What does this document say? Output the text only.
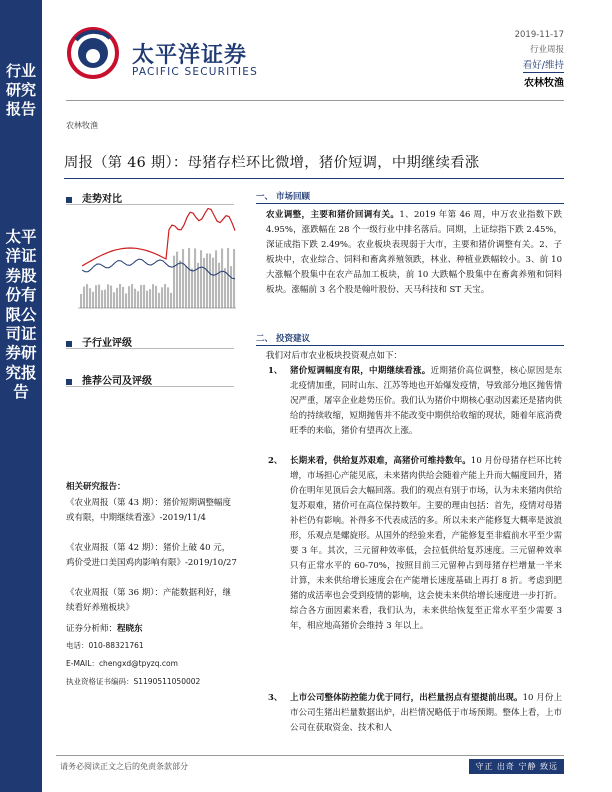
行业研究报告
太平洋证券股份有限公司证券研究报告
太平洋证券
PACIFIC SECURITIES
2019-11-17
行业周报
看好/维持
农林牧渔
农林牧渔
周报（第 46 期）：母猪存栏环比微增，猪价短调，中期继续看涨
走势对比
子行业评级
推荐公司及评级
相关研究报告：
《农业周报（第 43 期）：猪价短期调整幅度或有限，中期继续看涨》-2019/11/4
《农业周报（第 42 期）：猪价上破 40 元，鸡价受进口美国鸡肉影响有限》-2019/10/27
《农业周报（第 36 期）：产能数据利好，继续看好养殖板块》
证券分析师：程晓东
电话：010-88321761
E-MAIL：chengxd@tpyzq.com
执业资格证书编码：S1190511050002
一、 市场回顾
农业调整，主要和猪价回调有关。1、2019 年第 46 周，申万农业指数下跌 4.95%，涨跌幅在 28 个一级行业中排名落后。同期，上证综指下跌 2.45%，深证成指下跌 2.49%。农业板块表现弱于大市，主要和猪价调整有关。2、子板块中，农业综合、饲料和畜禽养殖领跌，林业、种植业跌幅较小。3、前 10 大涨幅个股集中在农产品加工板块，前 10 大跌幅个股集中在畜禽养殖和饲料板块。涨幅前 3 名个股是翰叶股份、天马科技和 ST 天宝。
二、 投资建议
我们对后市农业板块投资观点如下：
1、 猪价短调幅度有限，中期继续看涨。近期猪价高位调整，核心原因是东北疫情加重，同时山东、江苏等地也开始爆发疫情，导致部分地区抛售情况严重，屠宰企业趁势压价。我们认为猪价中期核心驱动因素还是猪肉供给的持续收缩，短期抛售并不能改变中期供给收缩的现状，随着年底消费旺季的来临，猪价有望再次上涨。
2、 长期来看，供给复苏艰难，高猪价可维持数年。10 月份母猪存栏环比转增，市场担心产能见底，未来猪肉供给会随着产能上升而大幅度回升，猪价在明年见顶后会大幅回落。我们的观点有别于市场，认为未来猪肉供给复苏艰难，猪价可在高位保持数年。主要的理由包括：首先，疫情对母猪补栏仍有影响。补得多不代表成活的多。所以未来产能修复大概率是波浪形，乐观点是螺旋形。从国外的经验来看，产能修复至非瘟前水平至少需要 3 年。其次，三元留种效率低，会拉低供给复苏速度。三元留种效率只有正常水平的 60-70%，按照目前三元留种占到母猪存栏增量一半来计算，未来供给增长速度会在产能增长速度基础上再打 8 折。考虑到肥猪的成活率也会受到疫情的影响，这会使未来供给增长速度进一步打折。综合各方面因素来看，我们认为，未来供给恢复至正常水平至少需要 3 年，相应地高猪价会维持 3 年以上。
3、 上市公司整体防控能力优于同行，出栏量拐点有望提前出现。10 月份上市公司生猪出栏量数据出炉，出栏情况略低于市场预期。整体上看，上市公司在获取资金、技术和人
请务必阅读正文之后的免责条款部分	守正 出奇 宁静 致远
